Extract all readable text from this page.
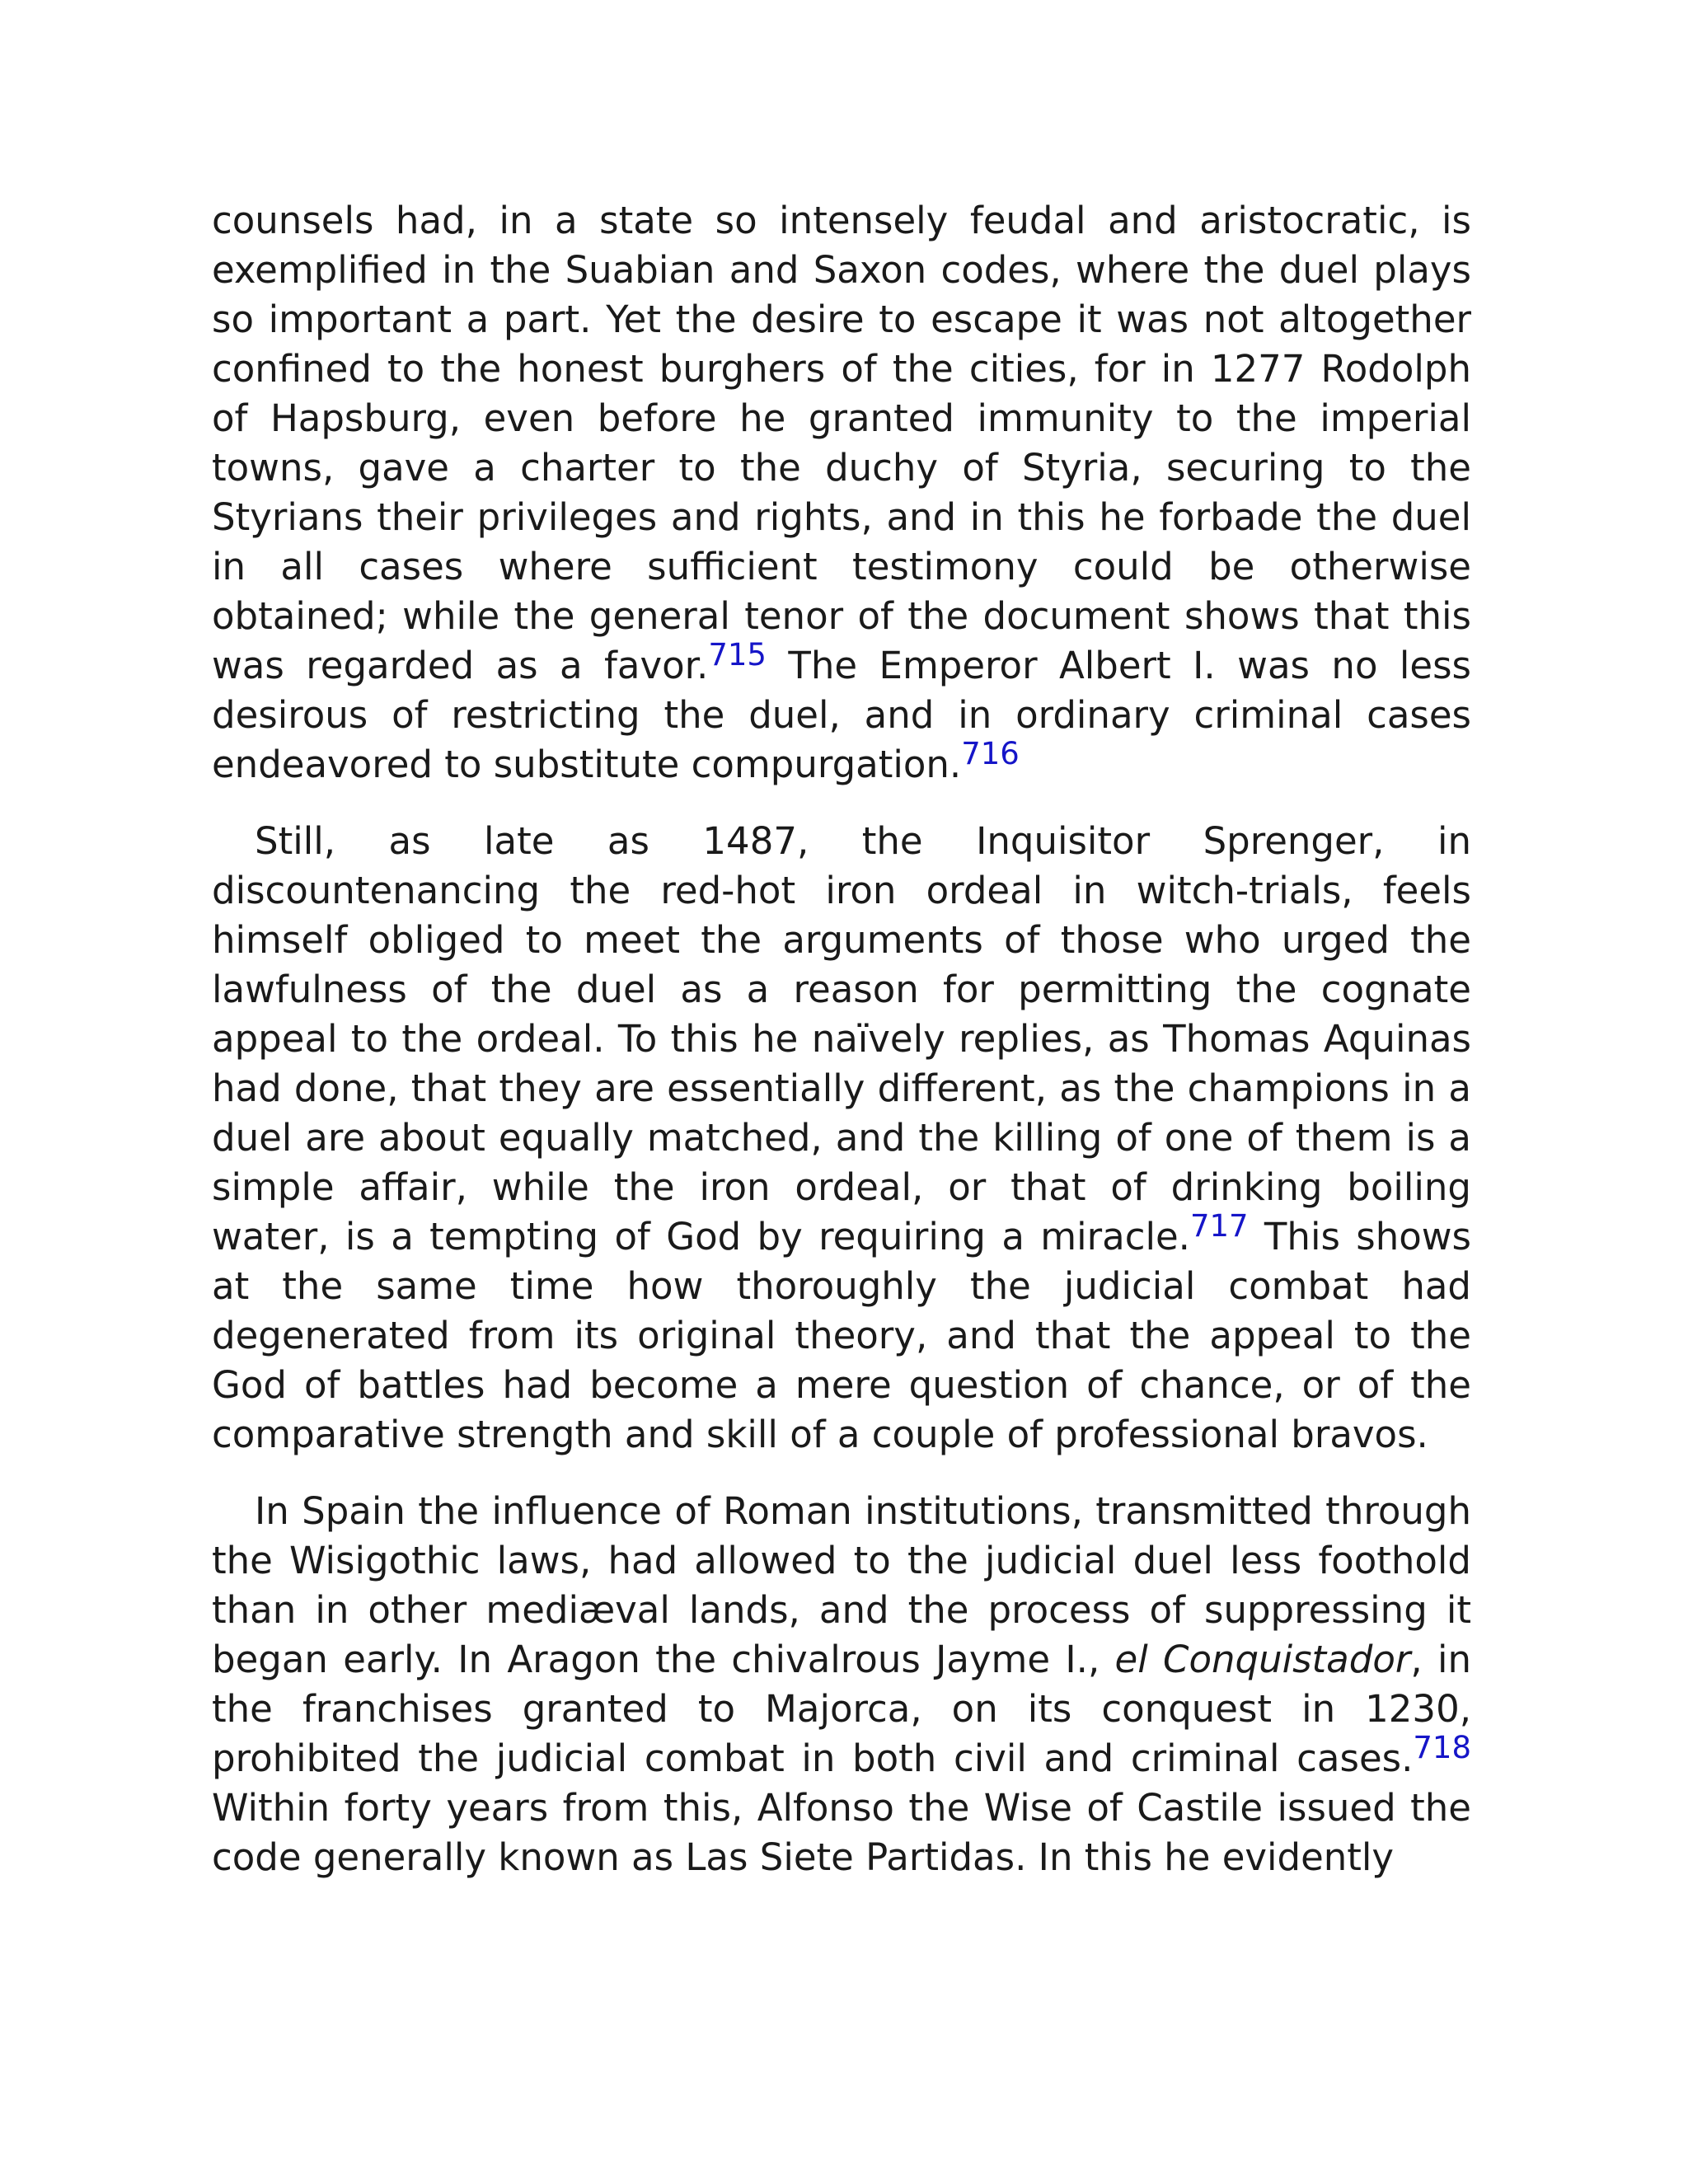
counsels had, in a state so intensely feudal and aristocratic, is exemplified in the Suabian and Saxon codes, where the duel plays so important a part. Yet the desire to escape it was not altogether confined to the honest burghers of the cities, for in 1277 Rodolph of Hapsburg, even before he granted immunity to the imperial towns, gave a charter to the duchy of Styria, securing to the Styrians their privileges and rights, and in this he forbade the duel in all cases where sufficient testimony could be otherwise obtained; while the general tenor of the document shows that this was regarded as a favor.$^{715}$ The Emperor Albert I. was no less desirous of restricting the duel, and in ordinary criminal cases endeavored to substitute compurgation.$^{716}$

Still, as late as 1487, the Inquisitor Sprenger, in discountenancing the red-hot iron ordeal in witch-trials, feels himself obliged to meet the arguments of those who urged the lawfulness of the duel as a reason for permitting the cognate appeal to the ordeal. To this he naïvely replies, as Thomas Aquinas had done, that they are essentially different, as the champions in a duel are about equally matched, and the killing of one of them is a simple affair, while the iron ordeal, or that of drinking boiling water, is a tempting of God by requiring a miracle.$^{717}$ This shows at the same time how thoroughly the judicial combat had degenerated from its original theory, and that the appeal to the God of battles had become a mere question of chance, or of the comparative strength and skill of a couple of professional bravos.

In Spain the influence of Roman institutions, transmitted through the Wisigothic laws, had allowed to the judicial duel less foothold than in other mediæval lands, and the process of suppressing it began early. In Aragon the chivalrous Jayme I., el Conquistador, in the franchises granted to Majorca, on its conquest in 1230, prohibited the judicial combat in both civil and criminal cases.$^{718}$ Within forty years from this, Alfonso the Wise of Castile issued the code generally known as Las Siete Partidas. In this he evidently
